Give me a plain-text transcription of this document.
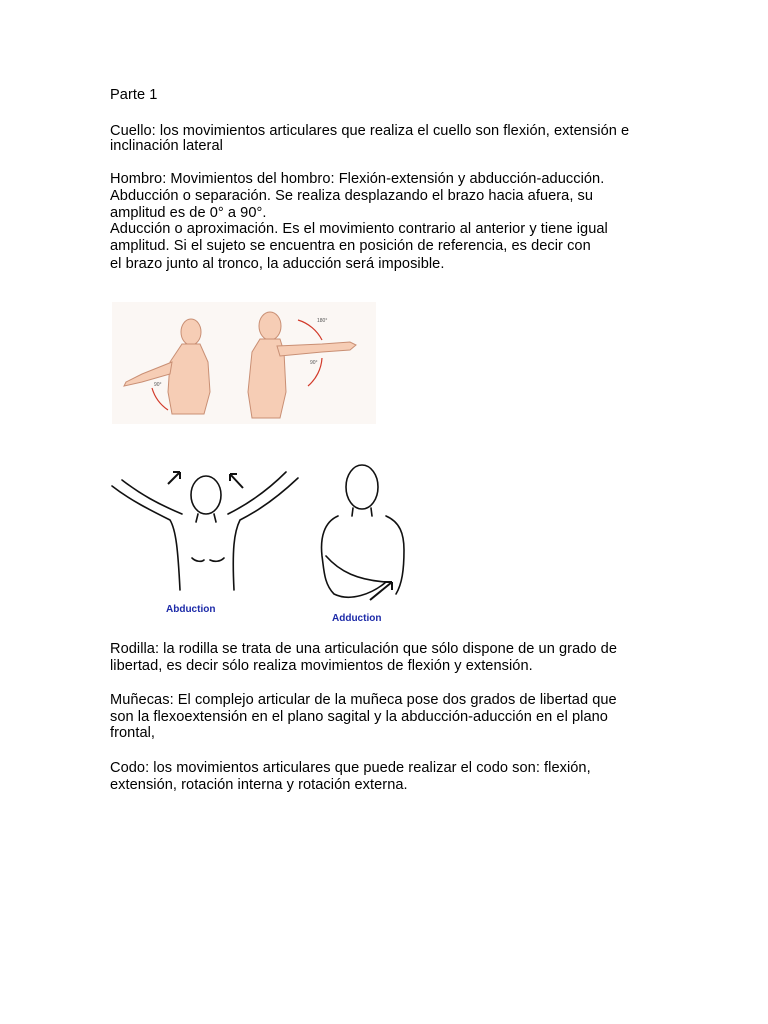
Parte 1
Cuello: los movimientos articulares que realiza el cuello son flexión, extensión e
inclinación lateral
Hombro: Movimientos del hombro: Flexión-extensión y abducción-aducción.
Abducción o separación. Se realiza desplazando el brazo hacia afuera, su
amplitud es de 0° a 90°.
Aducción o aproximación. Es el movimiento contrario al anterior y tiene igual
amplitud. Si el sujeto se encuentra en posición de referencia, es decir con
el brazo junto al tronco, la aducción será imposible.
90°
180°
90°
Abduction
Adduction
Rodilla: la rodilla se trata de una articulación que sólo dispone de un grado de
libertad, es decir sólo realiza movimientos de flexión y extensión.
Muñecas: El complejo articular de la muñeca pose dos grados de libertad que
son la flexoextensión en el plano sagital y la abducción-aducción en el plano
frontal,
Codo: los movimientos articulares que puede realizar el codo son: flexión,
extensión, rotación interna y rotación externa.
